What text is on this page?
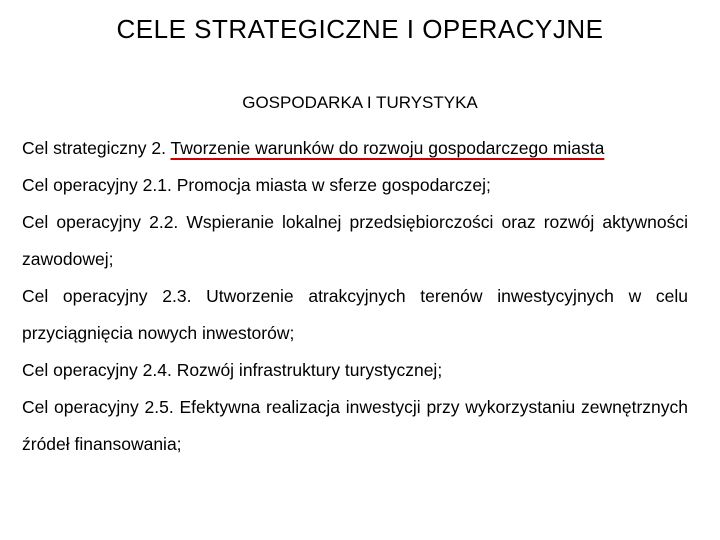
CELE STRATEGICZNE I OPERACYJNE
GOSPODARKA I TURYSTYKA

Cel strategiczny 2. Tworzenie warunków do rozwoju gospodarczego miasta

Cel operacyjny 2.1. Promocja miasta w sferze gospodarczej;

Cel operacyjny 2.2. Wspieranie lokalnej przedsiębiorczości oraz rozwój aktywności zawodowej;

Cel operacyjny 2.3. Utworzenie atrakcyjnych terenów inwestycyjnych w celu przyciągnięcia nowych inwestorów;

Cel operacyjny 2.4. Rozwój infrastruktury turystycznej;

Cel operacyjny 2.5. Efektywna realizacja inwestycji przy wykorzystaniu zewnętrznych źródeł finansowania;
